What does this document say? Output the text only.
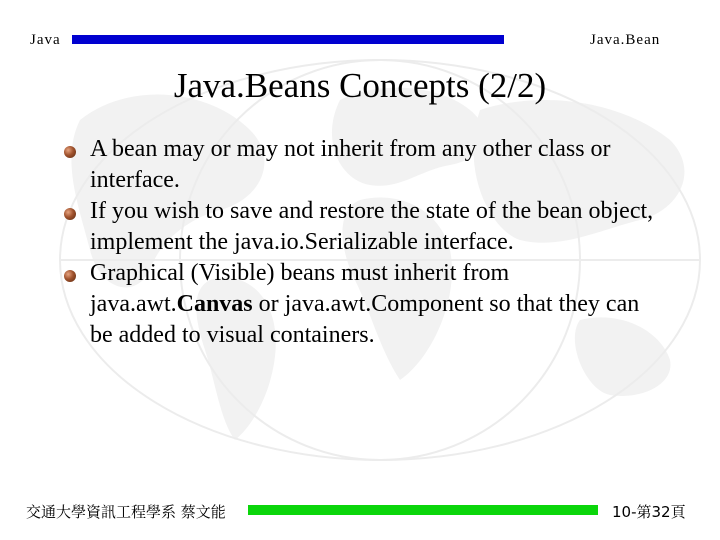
Java	Java.Bean
Java.Beans Concepts (2/2)
A bean may or may not inherit from any other class or interface.
If you wish to save and restore the state of the bean object, implement the java.io.Serializable interface.
Graphical (Visible) beans must inherit from java.awt.Canvas or java.awt.Component so that they can be added to visual containers.
交通大學資訊工程學系 蔡文能	10-第32頁
